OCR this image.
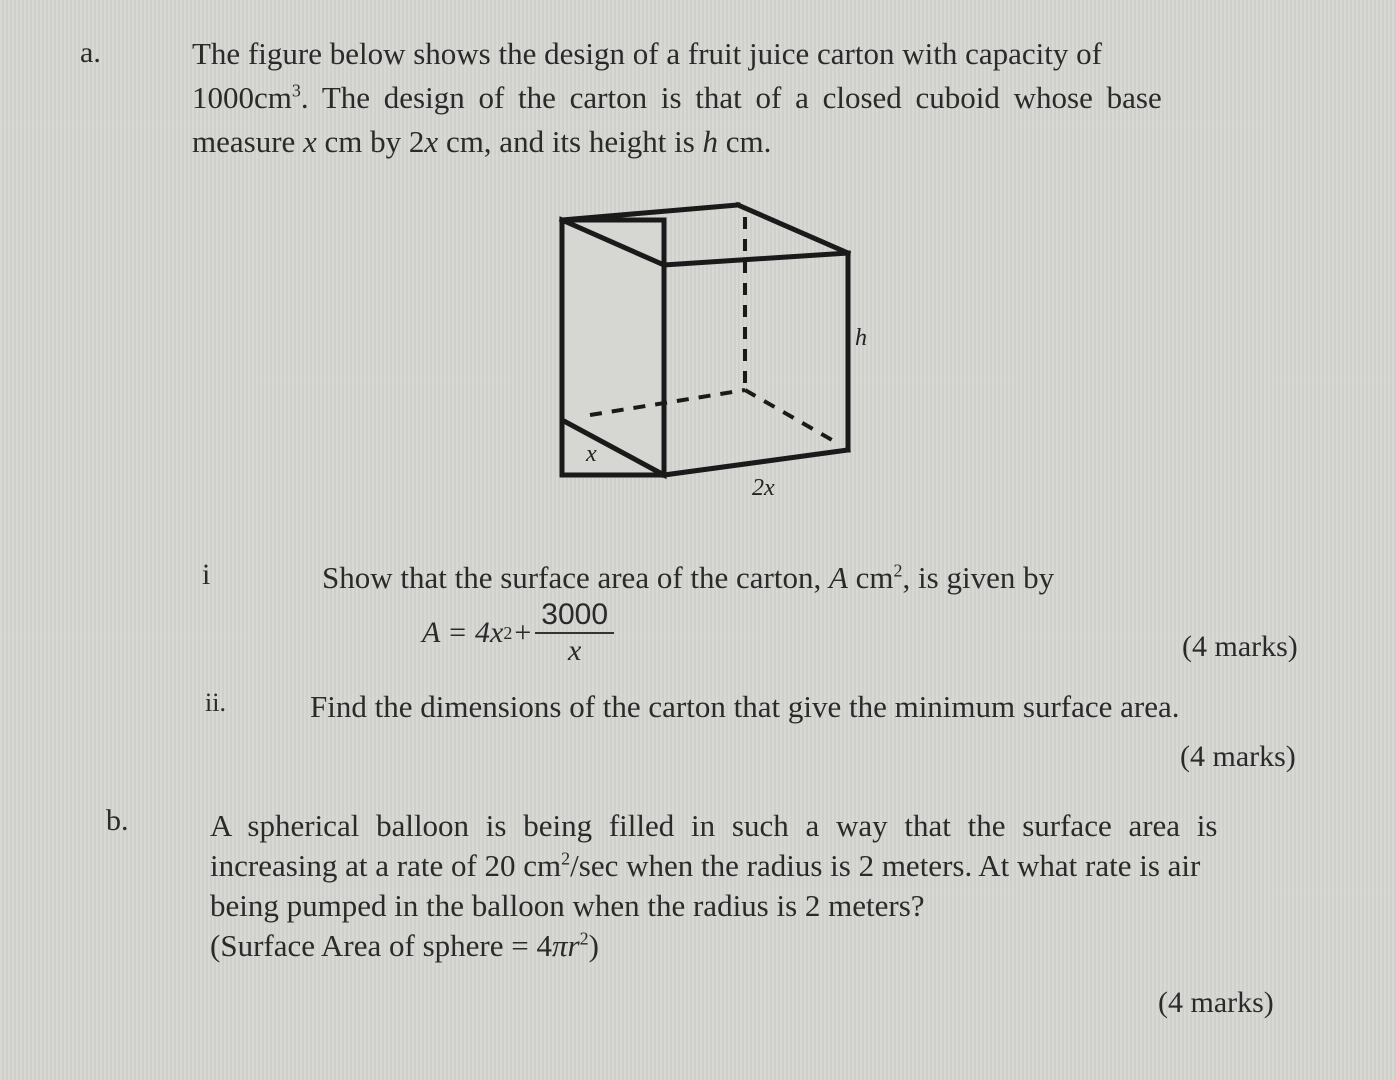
a.	The figure below shows the design of a fruit juice carton with capacity of
$1000cm^3$. The design of the carton is that of a closed cuboid whose base
measure x cm by 2x cm, and its height is h cm.
h
x
2x
i	Show that the surface area of the carton, A $cm^2$, is given by
A = 4x $2 + \frac{3000}{x}$	(4 marks)
ii.	Find the dimensions of the carton that give the minimum surface area.
(4 marks)
b.	A spherical balloon is being filled in such a way that the surface area is
increasing at a rate of 20 $cm^2/\sec$ when the radius is 2 meters. At what rate is air
being pumped in the balloon when the radius is 2 meters?
(Surface Area of sphere = $4\pi r^2$)
(4 marks)
